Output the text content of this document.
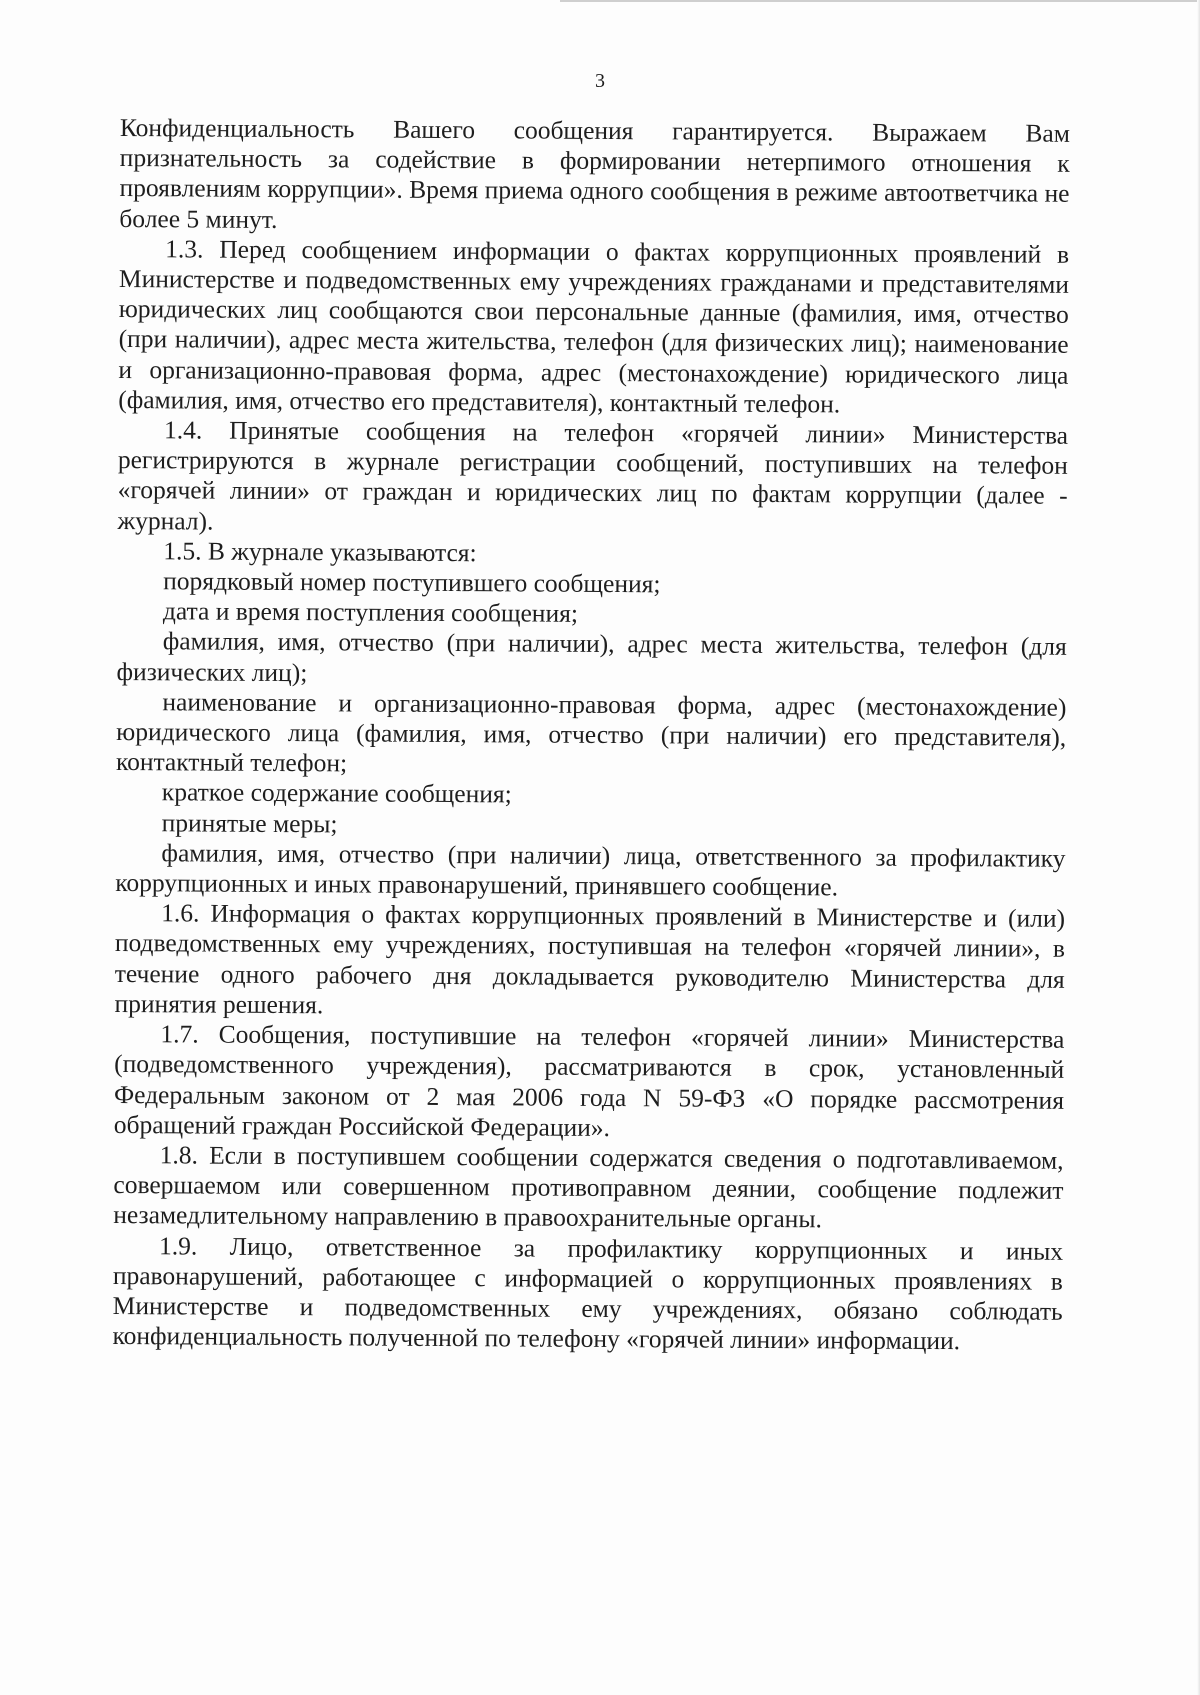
3

Конфиденциальность Вашего сообщения гарантируется. Выражаем Вам признательность за содействие в формировании нетерпимого отношения к проявлениям коррупции». Время приема одного сообщения в режиме автоответчика не более 5 минут.

1.3. Перед сообщением информации о фактах коррупционных проявлений в Министерстве и подведомственных ему учреждениях гражданами и представителями юридических лиц сообщаются свои персональные данные (фамилия, имя, отчество (при наличии), адрес места жительства, телефон (для физических лиц); наименование и организационно-правовая форма, адрес (местонахождение) юридического лица (фамилия, имя, отчество его представителя), контактный телефон.

1.4. Принятые сообщения на телефон «горячей линии» Министерства регистрируются в журнале регистрации сообщений, поступивших на телефон «горячей линии» от граждан и юридических лиц по фактам коррупции (далее - журнал).

1.5. В журнале указываются:

порядковый номер поступившего сообщения;

дата и время поступления сообщения;

фамилия, имя, отчество (при наличии), адрес места жительства, телефон (для физических лиц);

наименование и организационно-правовая форма, адрес (местонахождение) юридического лица (фамилия, имя, отчество (при наличии) его представителя), контактный телефон;

краткое содержание сообщения;

принятые меры;

фамилия, имя, отчество (при наличии) лица, ответственного за профилактику коррупционных и иных правонарушений, принявшего сообщение.

1.6. Информация о фактах коррупционных проявлений в Министерстве и (или) подведомственных ему учреждениях, поступившая на телефон «горячей линии», в течение одного рабочего дня докладывается руководителю Министерства для принятия решения.

1.7. Сообщения, поступившие на телефон «горячей линии» Министерства (подведомственного учреждения), рассматриваются в срок, установленный Федеральным законом от 2 мая 2006 года N 59-ФЗ «О порядке рассмотрения обращений граждан Российской Федерации».

1.8. Если в поступившем сообщении содержатся сведения о подготавливаемом, совершаемом или совершенном противоправном деянии, сообщение подлежит незамедлительному направлению в правоохранительные органы.

1.9. Лицо, ответственное за профилактику коррупционных и иных правонарушений, работающее с информацией о коррупционных проявлениях в Министерстве и подведомственных ему учреждениях, обязано соблюдать конфиденциальность полученной по телефону «горячей линии» информации.
